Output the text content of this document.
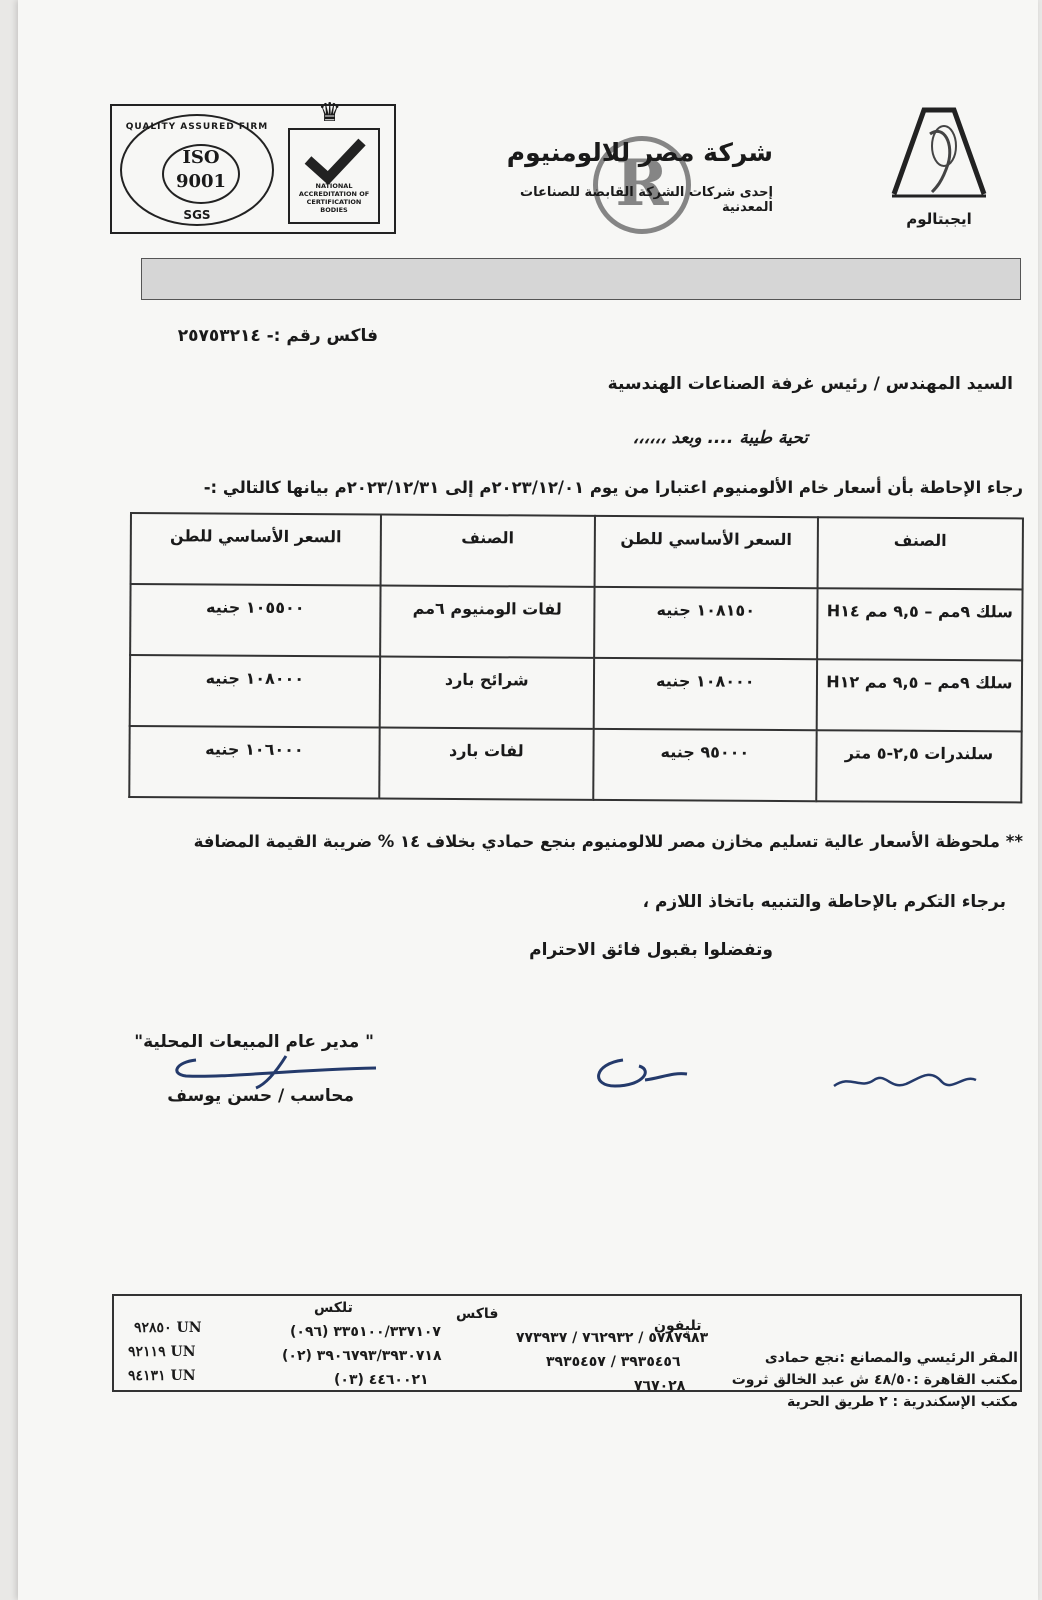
QUALITY ASSURED FIRM
ISO 9001
SGS
NATIONAL ACCREDITATION OF CERTIFICATION BODIES
♛
R
شركة مصر للالومنيوم
إحدى شركات الشركة القابضة للصناعات المعدنية
ايجبتالوم
فاكس رقم :- ٢٥٧٥٣٢١٤
السيد المهندس / رئيس غرفة الصناعات الهندسية
تحية طيبة .... وبعد ،،،،،،
رجاء الإحاطة بأن أسعار خام الألومنيوم اعتبارا من يوم ٢٠٢٣/١٢/٠١م إلى ٢٠٢٣/١٢/٣١م بيانها كالتالي :-
الصنف	السعر الأساسي للطن	الصنف	السعر الأساسي للطن
سلك ٩مم – ٩,٥ مم H١٤	١٠٨١٥٠ جنيه	لفات الومنيوم ٦مم	١٠٥٥٠٠ جنيه
سلك ٩مم – ٩,٥ مم H١٢	١٠٨٠٠٠ جنيه	شرائح بارد	١٠٨٠٠٠ جنيه
سلندرات ٢,٥-٥ متر	٩٥٠٠٠ جنيه	لفات بارد	١٠٦٠٠٠ جنيه
** ملحوظة الأسعار عالية تسليم مخازن مصر للالومنيوم بنجع حمادي بخلاف ١٤ % ضريبة القيمة المضافة
برجاء التكرم بالإحاطة والتنبيه باتخاذ اللازم ،
وتفضلوا بقبول فائق الاحترام
" مدير عام المبيعات المحلية"
محاسب / حسن يوسف
تليفون
فاكس
تلكس
المقر الرئيسي والمصانع :نجع حمادى
مكتب القاهرة :٤٨/٥٠ ش عبد الخالق ثروت
مكتب الإسكندرية : ٢ طريق الحرية
٥٧٨٧٩٨٣ / ٧٦٢٩٣٢ / ٧٧٣٩٣٧
٣٩٣٥٤٥٦ / ٣٩٣٥٤٥٧
٧٦٧٠٢٨
(٠٩٦) ٣٣٥١٠٠/٣٣٧١٠٧
(٠٢) ٣٩٠٦٧٩٣/٣٩٣٠٧١٨
(٠٣) ٤٤٦٠٠٢١
٩٢٨٥٠ UN
٩٢١١٩ UN
٩٤١٣١ UN
